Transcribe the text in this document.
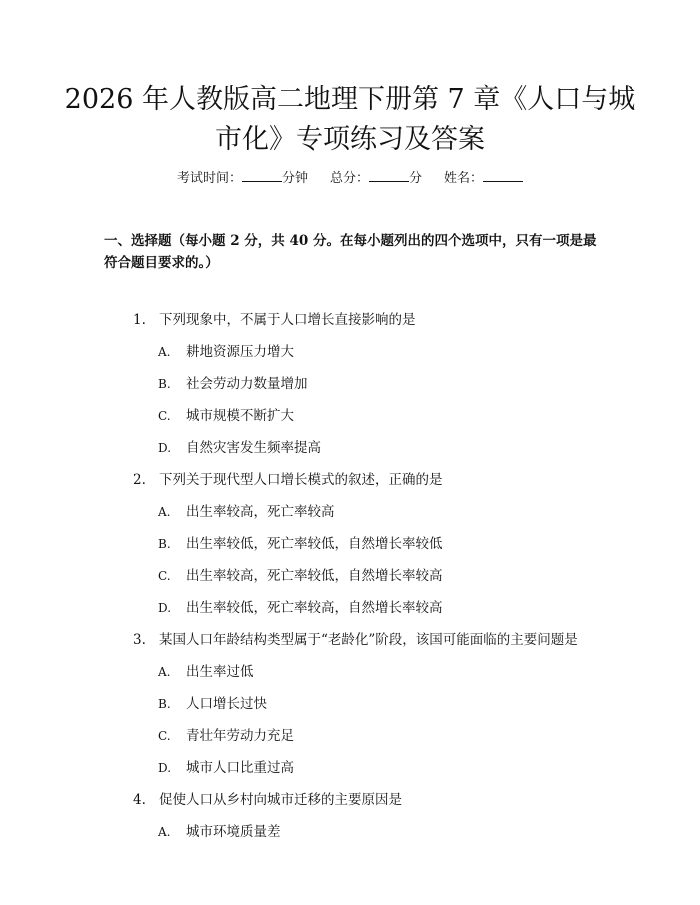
2026 年人教版高二地理下册第 7 章《人口与城市化》专项练习及答案
考试时间：	分钟 总分：	分 姓名：
一、选择题（每小题 2 分，共 40 分。在每小题列出的四个选项中，只有一项是最符合题目要求的。）
1. 下列现象中，不属于人口增长直接影响的是
A. 耕地资源压力增大
B. 社会劳动力数量增加
C. 城市规模不断扩大
D. 自然灾害发生频率提高
2. 下列关于现代型人口增长模式的叙述，正确的是
A. 出生率较高，死亡率较高
B. 出生率较低，死亡率较低，自然增长率较低
C. 出生率较高，死亡率较低，自然增长率较高
D. 出生率较低，死亡率较高，自然增长率较高
3. 某国人口年龄结构类型属于“老龄化”阶段，该国可能面临的主要问题是
A. 出生率过低
B. 人口增长过快
C. 青壮年劳动力充足
D. 城市人口比重过高
4. 促使人口从乡村向城市迁移的主要原因是
A. 城市环境质量差
